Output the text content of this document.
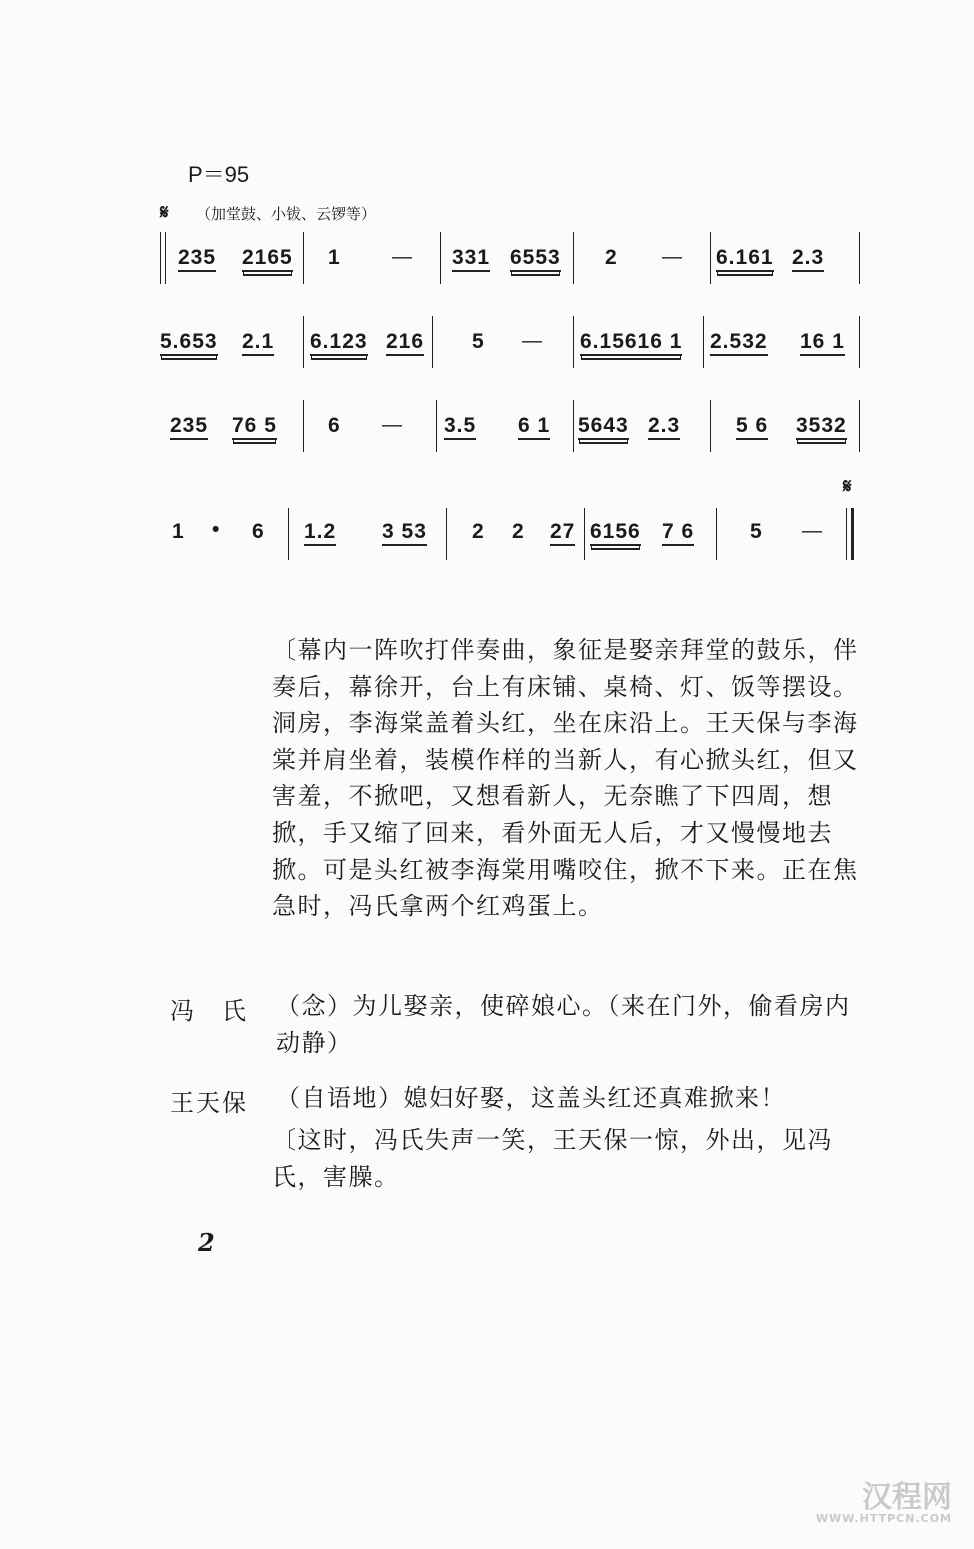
P＝95
𝄋 （加堂鼓、小钹、云锣等）
235 2165 1	— 331 6553 2 — 6.161 2.3
5.653 2.1 6.123 216 5 — 6.15616 1 2.532 16 1
235 76 5 6 — 3.5 6 1 5643 2.3	5 6 3532
𝄋
1 • 6 1.2 3 53 2 2 27 6156 7 6	5 —
〔幕内一阵吹打伴奏曲，象征是娶亲拜堂的鼓乐，伴奏后，幕徐开，台上有床铺、桌椅、灯、饭等摆设。洞房，李海棠盖着头红，坐在床沿上。王天保与李海棠并肩坐着，装模作样的当新人，有心掀头红，但又害羞，不掀吧，又想看新人，无奈瞧了下四周，想掀，手又缩了回来，看外面无人后，才又慢慢地去掀。可是头红被李海棠用嘴咬住，掀不下来。正在焦急时，冯氏拿两个红鸡蛋上。
冯　氏 （念）为儿娶亲，使碎娘心。（来在门外，偷看房内动静）
王天保 （自语地）媳妇好娶，这盖头红还真难掀来！
〔这时，冯氏失声一笑，王天保一惊，外出，见冯氏，害臊。
2
汉程网
WWW.HTTPCN.COM
